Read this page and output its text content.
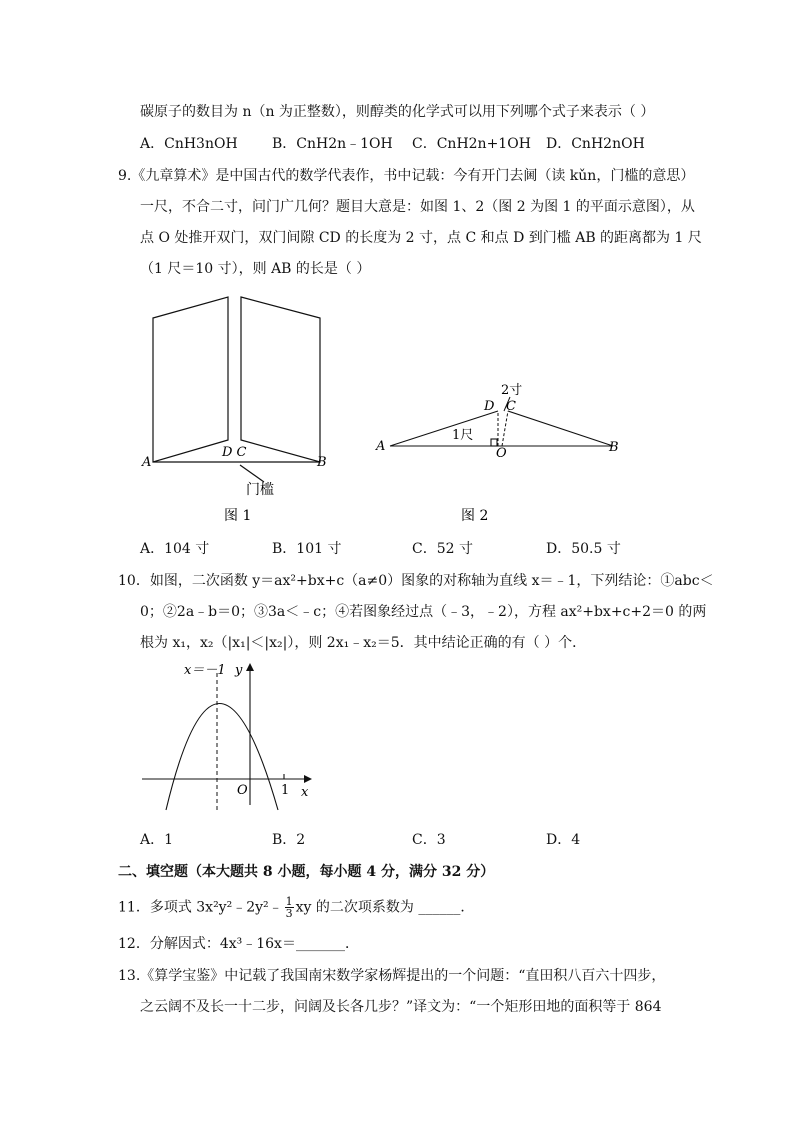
碳原子的数目为 n（n 为正整数），则醇类的化学式可以用下列哪个式子来表示（ ）
A．CnH3nOH B．CnH2n﹣1OH C．CnH2n+1OH D．CnH2nOH
9.《九章算术》是中国古代的数学代表作，书中记载：今有开门去阃（读 kǔn，门槛的意思）
一尺，不合二寸，问门广几何？题目大意是：如图 1、2（图 2 为图 1 的平面示意图），从
点 O 处推开双门，双门间隙 CD 的长度为 2 寸，点 C 和点 D 到门槛 AB 的距离都为 1 尺
（1 尺＝10 寸），则 AB 的长是（ ）
A
D C
B
门槛
图 1
2寸
D C
A
1尺
O	B
图 2
A．104 寸	B．101 寸	C．52 寸	D．50.5 寸
10．如图，二次函数 y＝ax²+bx+c（a≠0）图象的对称轴为直线 x＝﹣1，下列结论：①abc＜
0；②2a﹣b＝0；③3a＜﹣c；④若图象经过点（﹣3，﹣2），方程 ax²+bx+c+2＝0 的两
根为 x₁，x₂（|x₁|＜|x₂|），则 2x₁﹣x₂＝5．其中结论正确的有（ ）个．
x＝－1 y
O	1 x
A．1	B．2	C．3	D．4
二、填空题（本大题共 8 小题，每小题 4 分，满分 32 分）
11．多项式 3x²y²﹣2y²﹣ $\frac{1}{3}$ xy 的二次项系数为 ______．
12．分解因式：4x³﹣16x＝_______．
13.《算学宝鉴》中记载了我国南宋数学家杨辉提出的一个问题：“直田积八百六十四步，
之云阔不及长一十二步，问阔及长各几步？”译文为：“一个矩形田地的面积等于 864
